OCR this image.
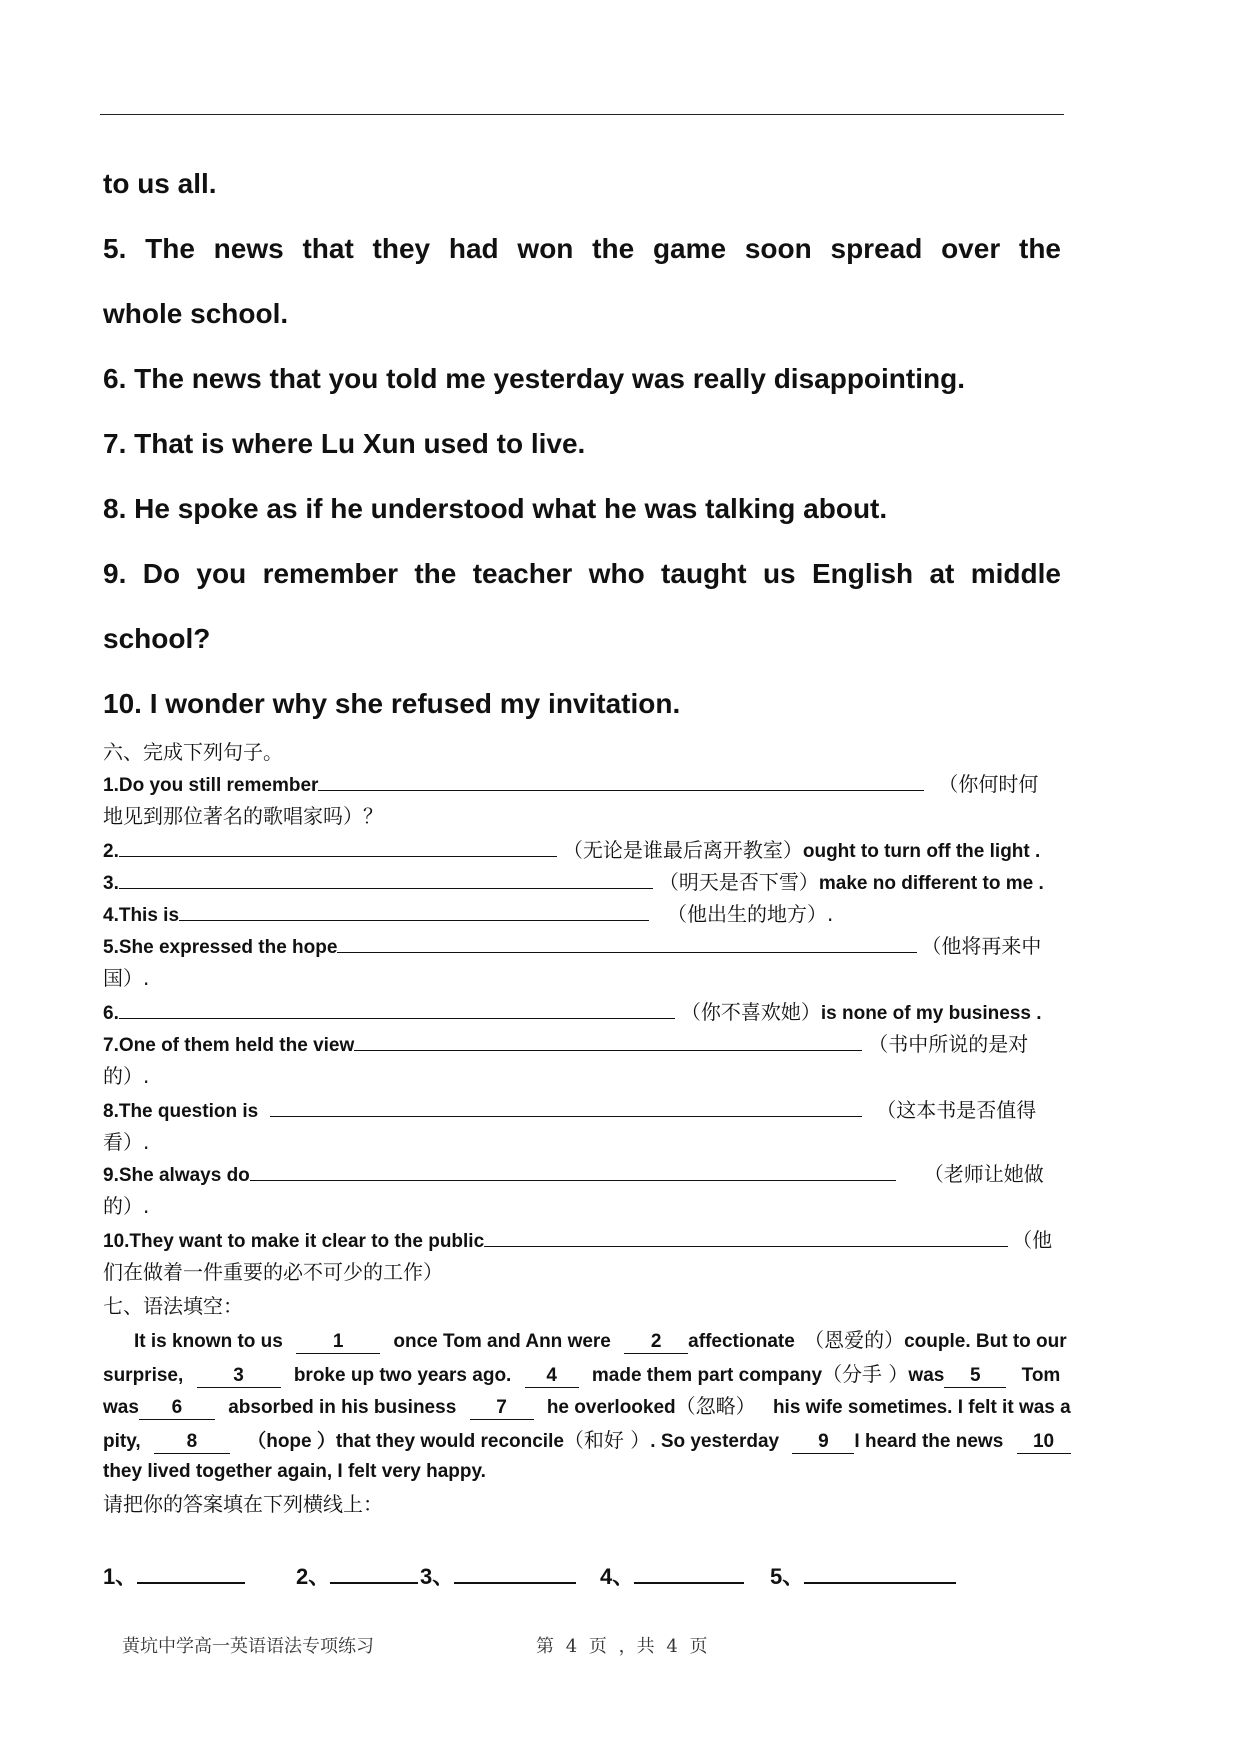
to us all.
5. The news that they had won the game soon spread over the
whole school.
6. The news that you told me yesterday was really disappointing.
7. That is where Lu Xun used to live.
8. He spoke as if he understood what he was talking about.
9. Do you remember the teacher who taught us English at middle
school?
10. I wonder why she refused my invitation.
六、完成下列句子。
1.Do you still remember	（你何时何
地见到那位著名的歌唱家吗）？
2.	（无论是谁最后离开教室）ought to turn off the light .
3.	（明天是否下雪）make no different to me .
4.This is	（他出生的地方）.
5.She expressed the hope	（他将再来中
国）.
6.	（你不喜欢她）is none of my business .
7.One of them held the view	（书中所说的是对
的）.
8.The question is	（这本书是否值得
看）.
9.She always do	（老师让她做
的）.
10.They want to make it clear to the public	（他
们在做着一件重要的必不可少的工作）
七、语法填空：
It is known to us	1	once Tom and Ann were 2 affectionate （恩爱的）couple. But to our
surprise,	3	broke up two years ago. 4 made them part company（分手 ）was 5 Tom
was 6 absorbed in his business 7 he overlooked（忽略） his wife sometimes. I felt it was a
pity, 8	（hope ）that they would reconcile（和好 ）. So yesterday 9 I heard the news 10
they lived together again, I felt very happy.
请把你的答案填在下列横线上：
1、	2、	3、	4、	5、
黄坑中学高一英语语法专项练习	第 4 页 ，共 4 页
